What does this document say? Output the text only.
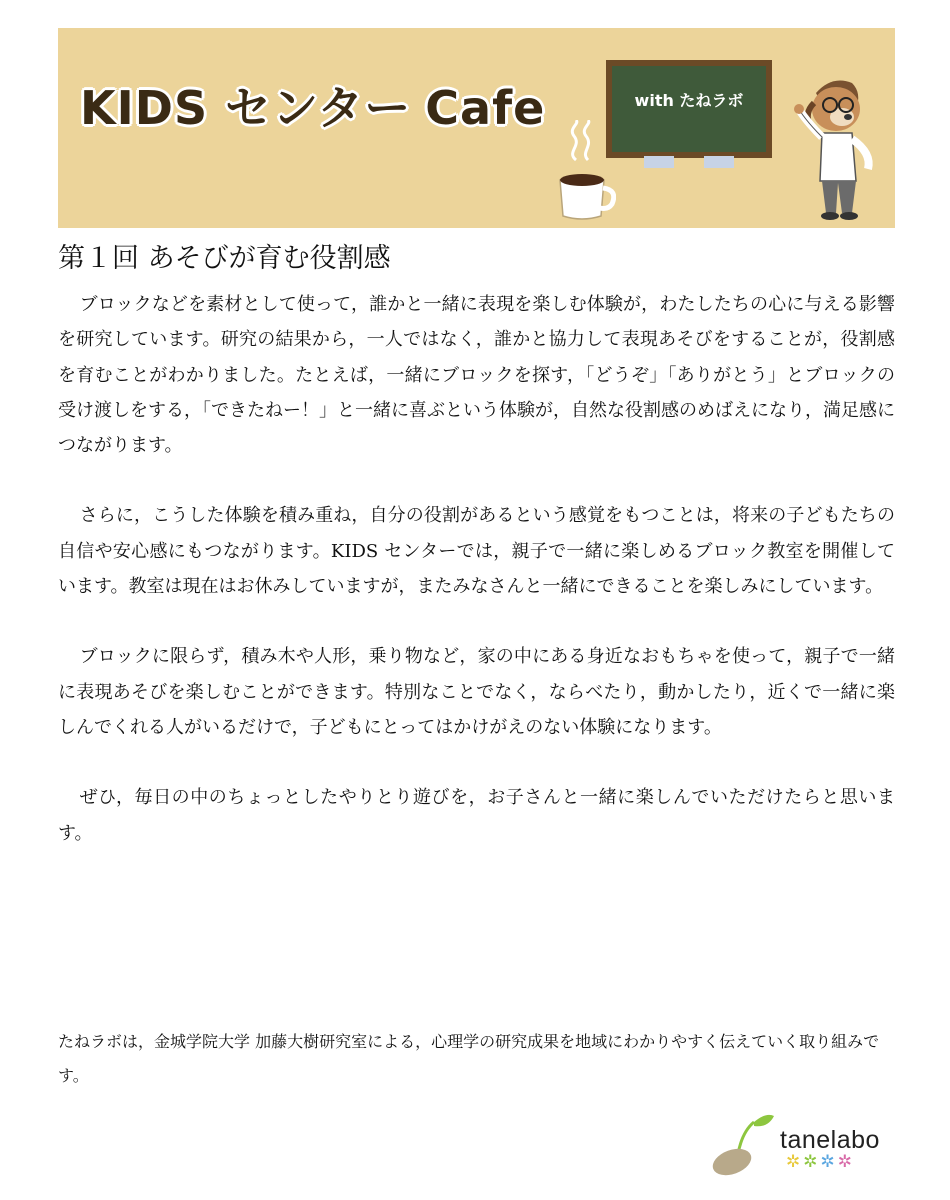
KIDS センター Cafe	with たねラボ
第１回 あそびが育む役割感

ブロックなどを素材として使って，誰かと一緒に表現を楽しむ体験が，わたしたちの心に与える影響を研究しています。研究の結果から，一人ではなく，誰かと協力して表現あそびをすることが，役割感を育むことがわかりました。たとえば，一緒にブロックを探す，「どうぞ」「ありがとう」とブロックの受け渡しをする，「できたねー！」と一緒に喜ぶという体験が，自然な役割感のめばえになり，満足感につながります。

さらに，こうした体験を積み重ね，自分の役割があるという感覚をもつことは，将来の子どもたちの自信や安心感にもつながります。KIDS センターでは，親子で一緒に楽しめるブロック教室を開催しています。教室は現在はお休みしていますが，またみなさんと一緒にできることを楽しみにしています。

ブロックに限らず，積み木や人形，乗り物など，家の中にある身近なおもちゃを使って，親子で一緒に表現あそびを楽しむことができます。特別なことでなく，ならべたり，動かしたり，近くで一緒に楽しんでくれる人がいるだけで，子どもにとってはかけがえのない体験になります。

ぜひ，毎日の中のちょっとしたやりとり遊びを，お子さんと一緒に楽しんでいただけたらと思います。

たねラボは，金城学院大学 加藤大樹研究室による，心理学の研究成果を地域にわかりやすく伝えていく取り組みです。
tanelabo
✲✲✲✲
